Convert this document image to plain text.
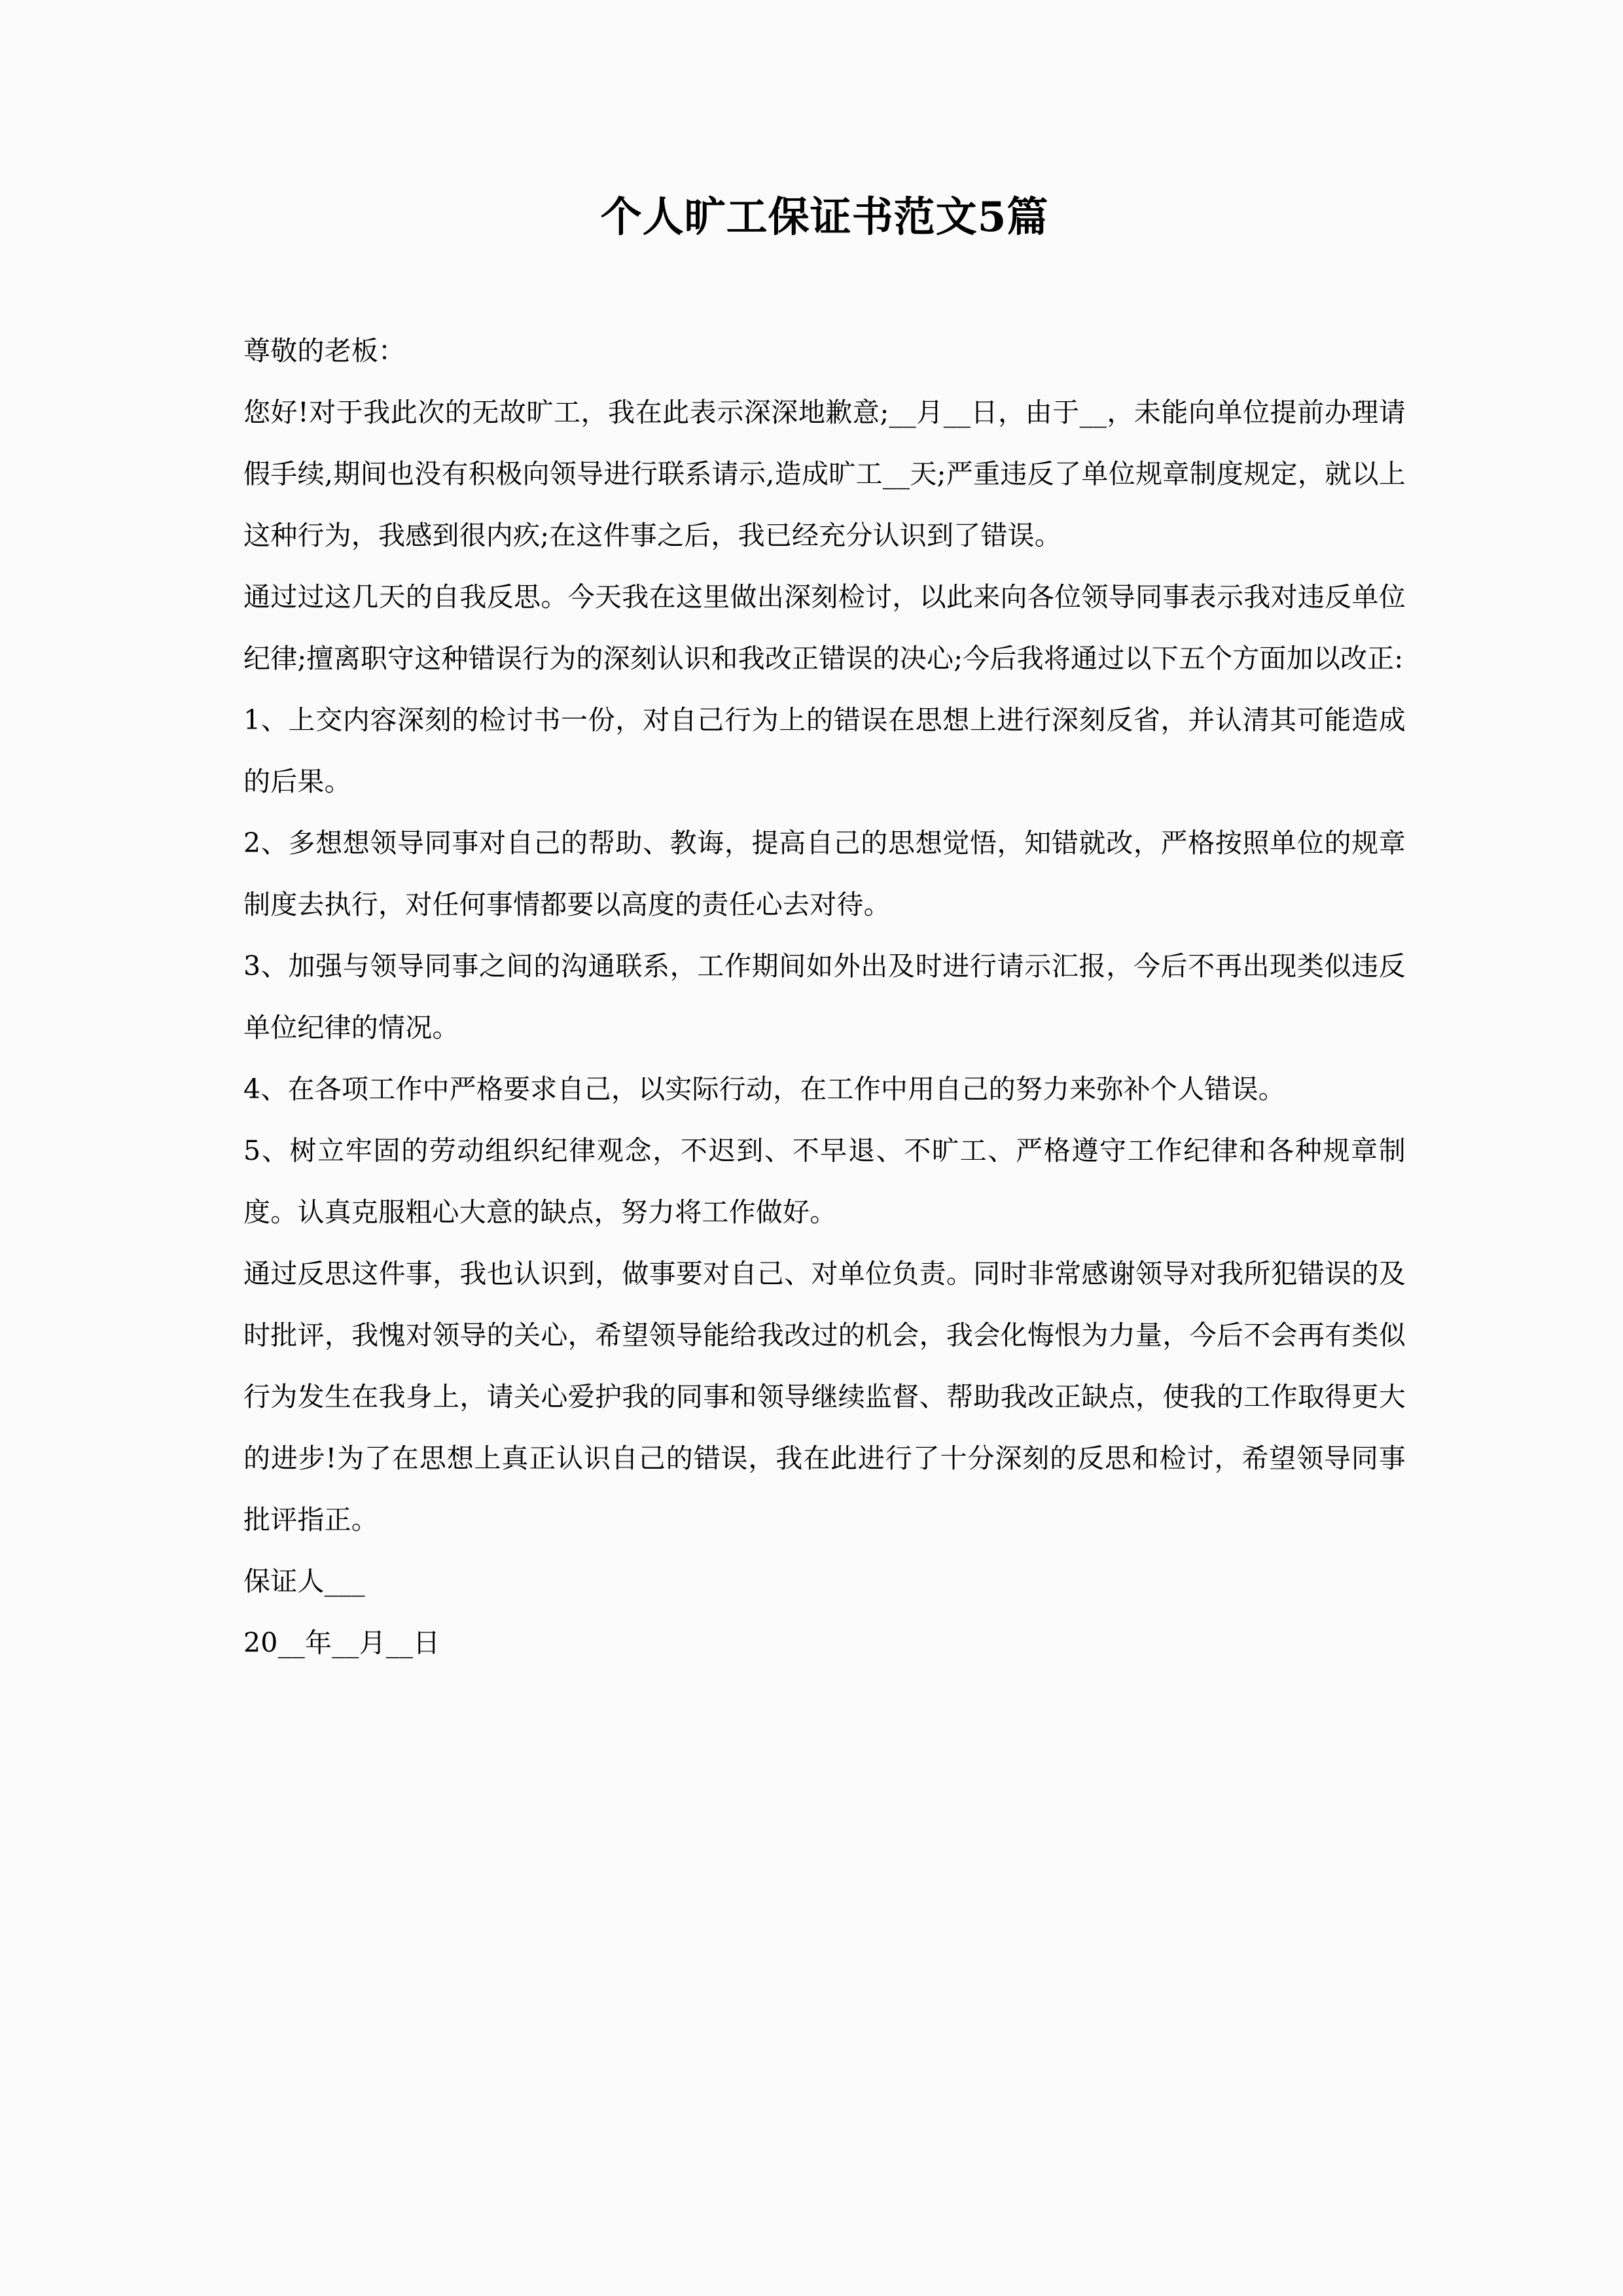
个人旷工保证书范文5篇

尊敬的老板：

您好!对于我此次的无故旷工，我在此表示深深地歉意;__月__日，由于__，未能向单位提前办理请假手续,期间也没有积极向领导进行联系请示,造成旷工__天;严重违反了单位规章制度规定，就以上这种行为，我感到很内疚;在这件事之后，我已经充分认识到了错误。

通过过这几天的自我反思。今天我在这里做出深刻检讨，以此来向各位领导同事表示我对违反单位纪律;擅离职守这种错误行为的深刻认识和我改正错误的决心;今后我将通过以下五个方面加以改正:

1、上交内容深刻的检讨书一份，对自己行为上的错误在思想上进行深刻反省，并认清其可能造成的后果。

2、多想想领导同事对自己的帮助、教诲，提高自己的思想觉悟，知错就改，严格按照单位的规章制度去执行，对任何事情都要以高度的责任心去对待。

3、加强与领导同事之间的沟通联系，工作期间如外出及时进行请示汇报，今后不再出现类似违反单位纪律的情况。

4、在各项工作中严格要求自己，以实际行动，在工作中用自己的努力来弥补个人错误。

5、树立牢固的劳动组织纪律观念，不迟到、不早退、不旷工、严格遵守工作纪律和各种规章制度。认真克服粗心大意的缺点，努力将工作做好。

通过反思这件事，我也认识到，做事要对自己、对单位负责。同时非常感谢领导对我所犯错误的及时批评，我愧对领导的关心，希望领导能给我改过的机会，我会化悔恨为力量，今后不会再有类似行为发生在我身上，请关心爱护我的同事和领导继续监督、帮助我改正缺点，使我的工作取得更大的进步!为了在思想上真正认识自己的错误，我在此进行了十分深刻的反思和检讨，希望领导同事批评指正。

保证人___

20__年__月__日
